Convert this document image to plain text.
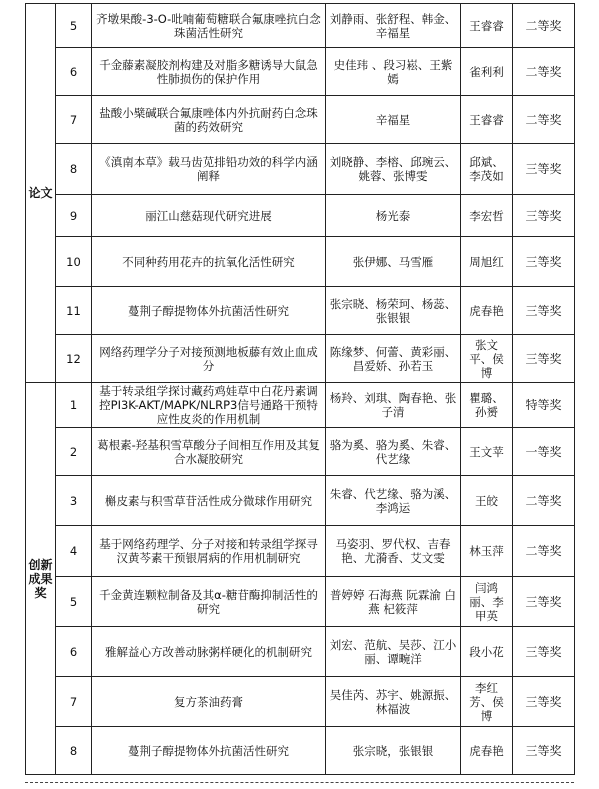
论文	5	齐墩果酸-3-O-吡喃葡萄糖联合氟康唑抗白念珠菌活性研究	刘静雨、张舒程、韩金、辛福星	王睿睿	二等奖
	6	千金藤素凝胶剂构建及对脂多糖诱导大鼠急性肺损伤的保护作用	史佳玮 、段习崧、王紫嫣	雀利利	二等奖
	7	盐酸小檗碱联合氟康唑体内外抗耐药白念珠菌的药效研究	辛福星	王睿睿	二等奖
	8	《滇南本草》载马齿苋排铅功效的科学内涵阐释	刘晓静、李榕、邱琬云、姚蓉、张博雯	邱斌、李茂如	三等奖
	9	丽江山慈菇现代研究进展	杨光泰	李宏哲	三等奖
	10	不同种药用花卉的抗氧化活性研究	张伊娜、马雪雁	周旭红	三等奖
	11	蔓荆子醇提物体外抗菌活性研究	张宗晓、杨荣珂、杨蕊、张银银	虎春艳	三等奖
	12	网络药理学分子对接预测地板藤有效止血成分	陈缘梦、何蕾、黄彩丽、昌爱娇、孙若玉	张文平、侯博	三等奖
创新成果奖	1	基于转录组学探讨藏药鸡娃草中白花丹素调控PI3K-AKT/MAPK/NLRP3信号通路干预特应性皮炎的作用机制	杨羚、刘琪、陶春艳、张子清	瞿璐、孙赟	特等奖
	2	葛根素-羟基积雪草酸分子间相互作用及其复合水凝胶研究	骆为奚、骆为奚、朱睿、代艺缘	王文苹	一等奖
	3	槲皮素与积雪草苷活性成分微球作用研究	朱睿、代艺缘、骆为溪、李鸿运	王皎	二等奖
	4	基于网络药理学、分子对接和转录组学探寻汉黄芩素干预银屑病的作用机制研究	马姿羽、罗代权、吉春艳、尤漪香、艾文雯	林玉萍	二等奖
	5	千金黄连颗粒制备及其α-糖苷酶抑制活性的研究	普婷婷 石海燕 阮霖渝 白燕 杞筱萍	闫鸿丽、李甲英	三等奖
	6	雅解益心方改善动脉粥样硬化的机制研究	刘宏、范航、吴莎、江小丽、谭畹洋	段小花	三等奖
	7	复方茶油药膏	吴佳芮、苏宇、姚源振、林福波	李红芳、侯博	三等奖
	8	蔓荆子醇提物体外抗菌活性研究	张宗晓，张银银	虎春艳	三等奖
